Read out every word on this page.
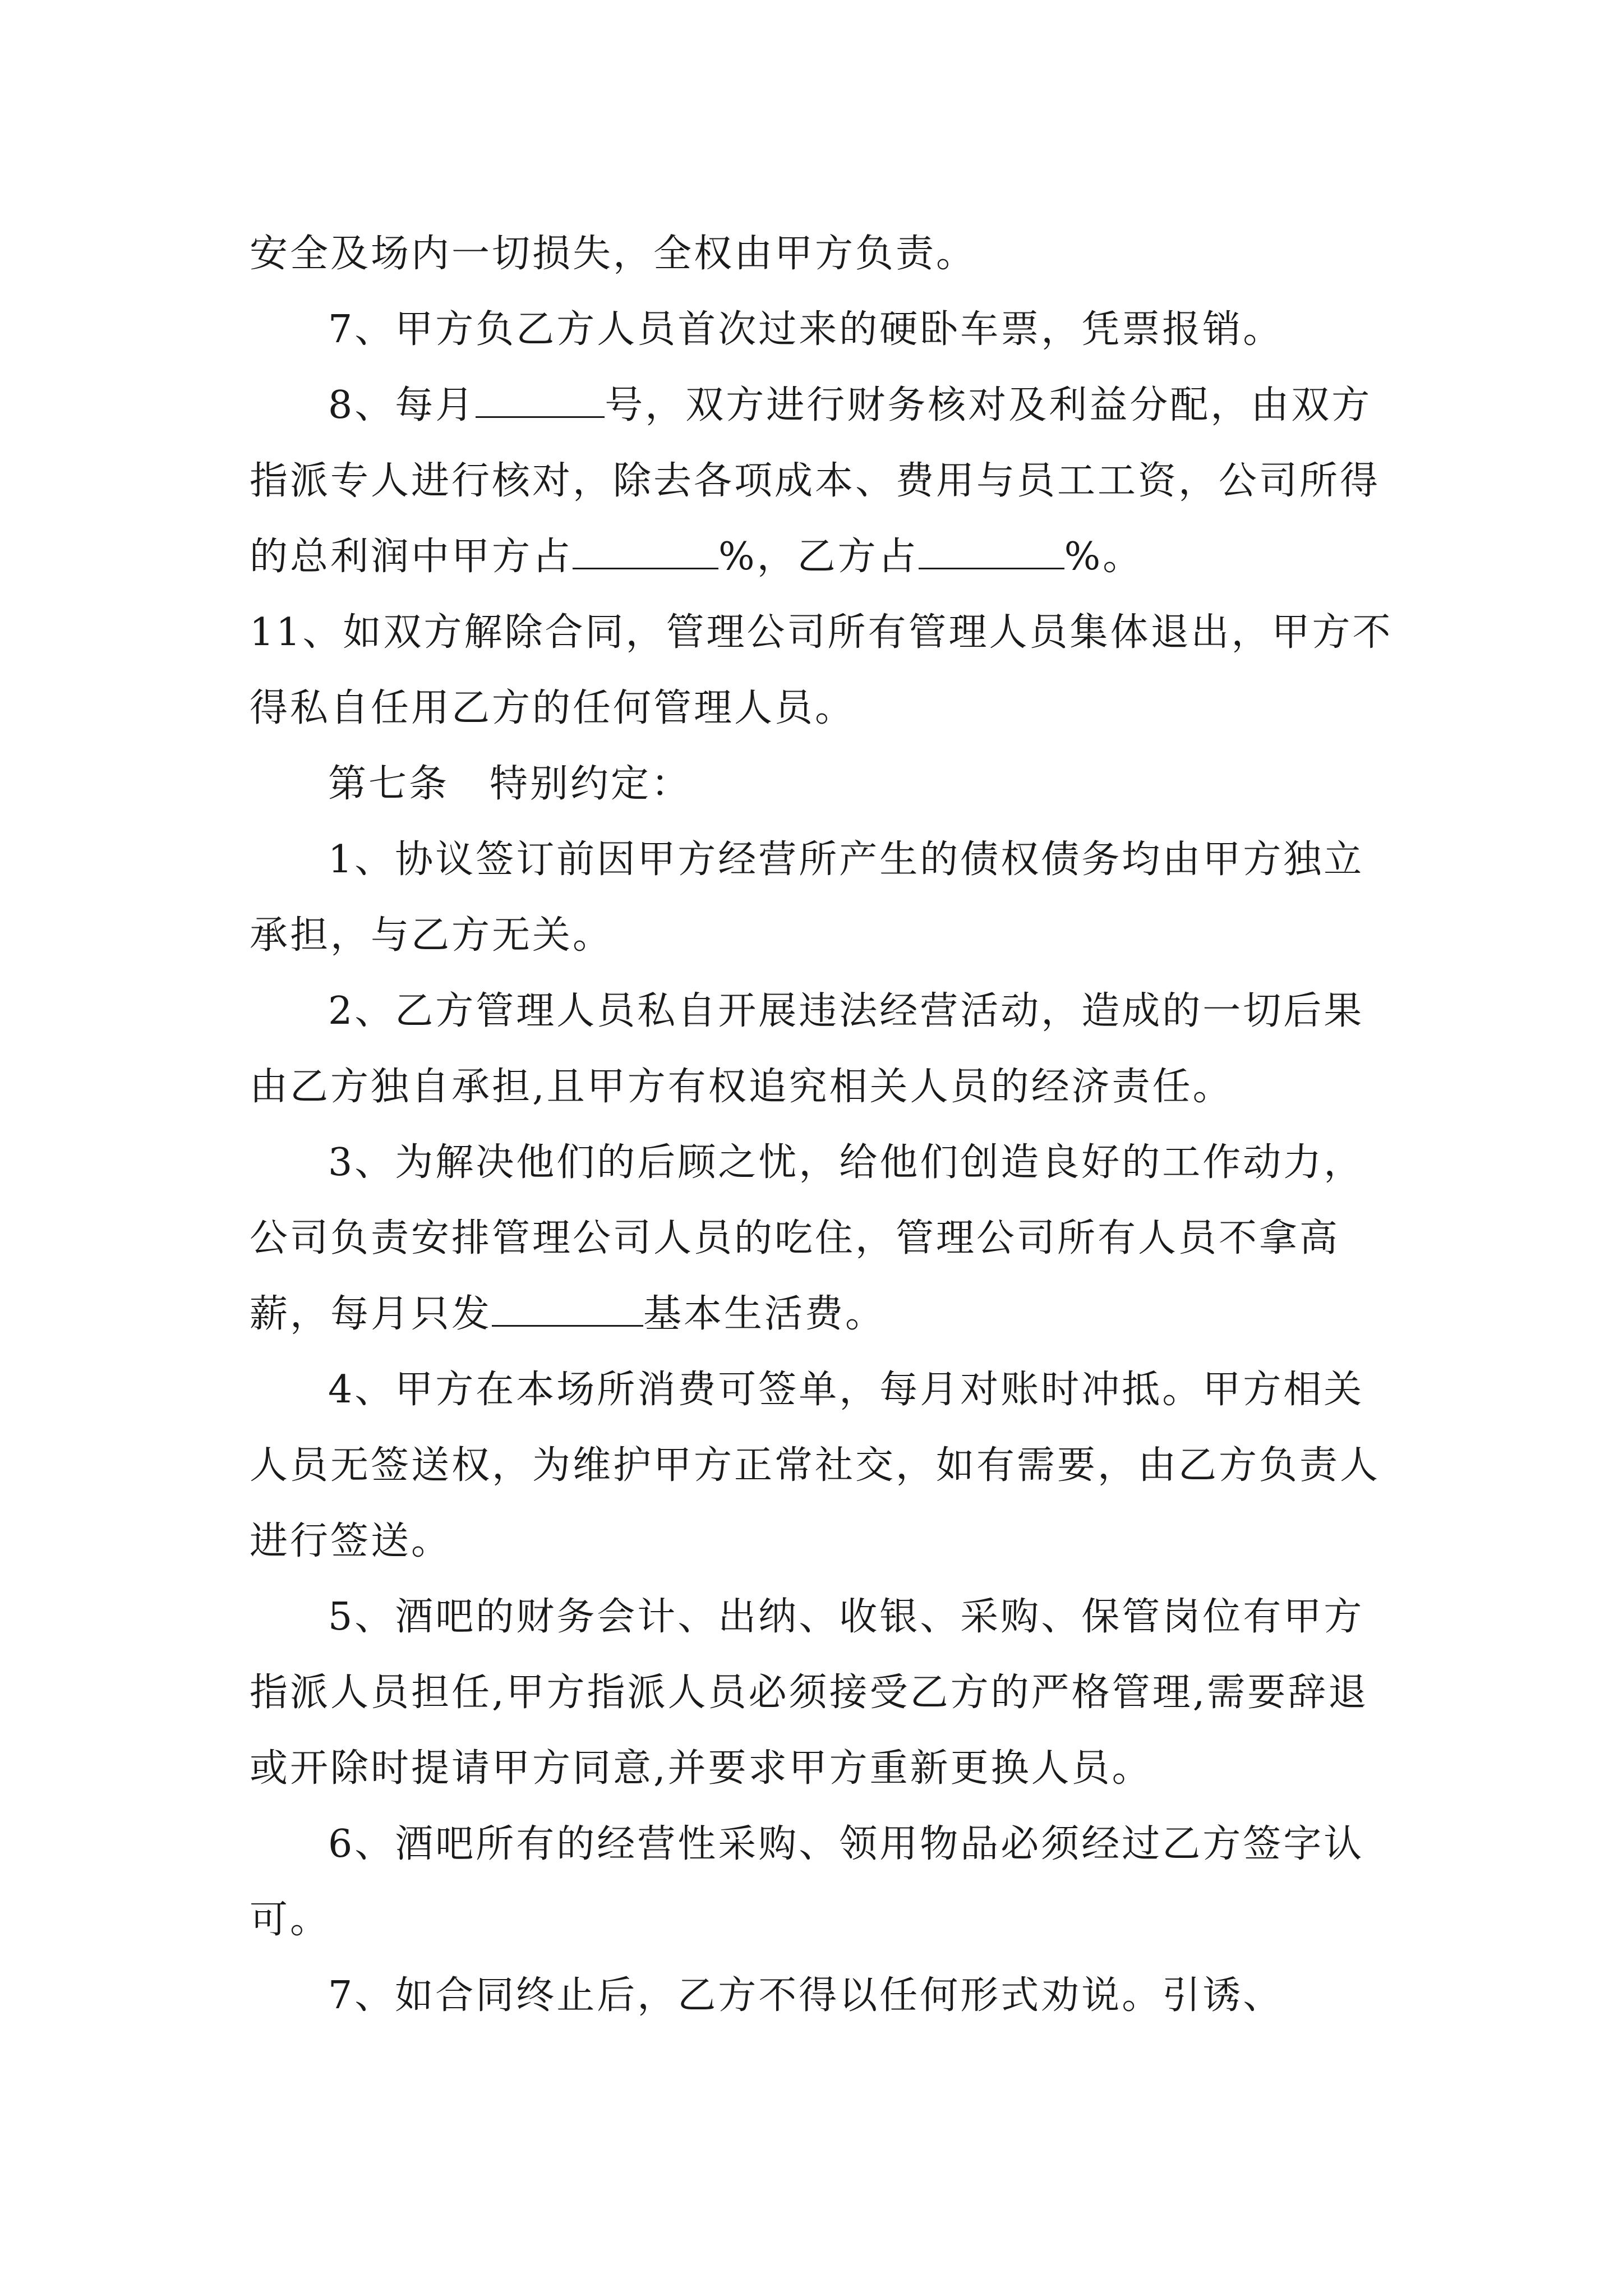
安全及场内一切损失，全权由甲方负责。

7、甲方负乙方人员首次过来的硬卧车票，凭票报销。

8、每月	号，双方进行财务核对及利益分配，由双方指派专人进行核对，除去各项成本、费用与员工工资，公司所得的总利润中甲方占	%，乙方占	%。

11、如双方解除合同，管理公司所有管理人员集体退出，甲方不得私自任用乙方的任何管理人员。

第七条　特别约定：

1、协议签订前因甲方经营所产生的债权债务均由甲方独立承担，与乙方无关。

2、乙方管理人员私自开展违法经营活动，造成的一切后果由乙方独自承担,且甲方有权追究相关人员的经济责任。

3、为解决他们的后顾之忧，给他们创造良好的工作动力，公司负责安排管理公司人员的吃住，管理公司所有人员不拿高薪，每月只发	基本生活费。

4、甲方在本场所消费可签单，每月对账时冲抵。甲方相关人员无签送权，为维护甲方正常社交，如有需要，由乙方负责人进行签送。

5、酒吧的财务会计、出纳、收银、采购、保管岗位有甲方指派人员担任,甲方指派人员必须接受乙方的严格管理,需要辞退或开除时提请甲方同意,并要求甲方重新更换人员。

6、酒吧所有的经营性采购、领用物品必须经过乙方签字认可。

7、如合同终止后，乙方不得以任何形式劝说。引诱、
